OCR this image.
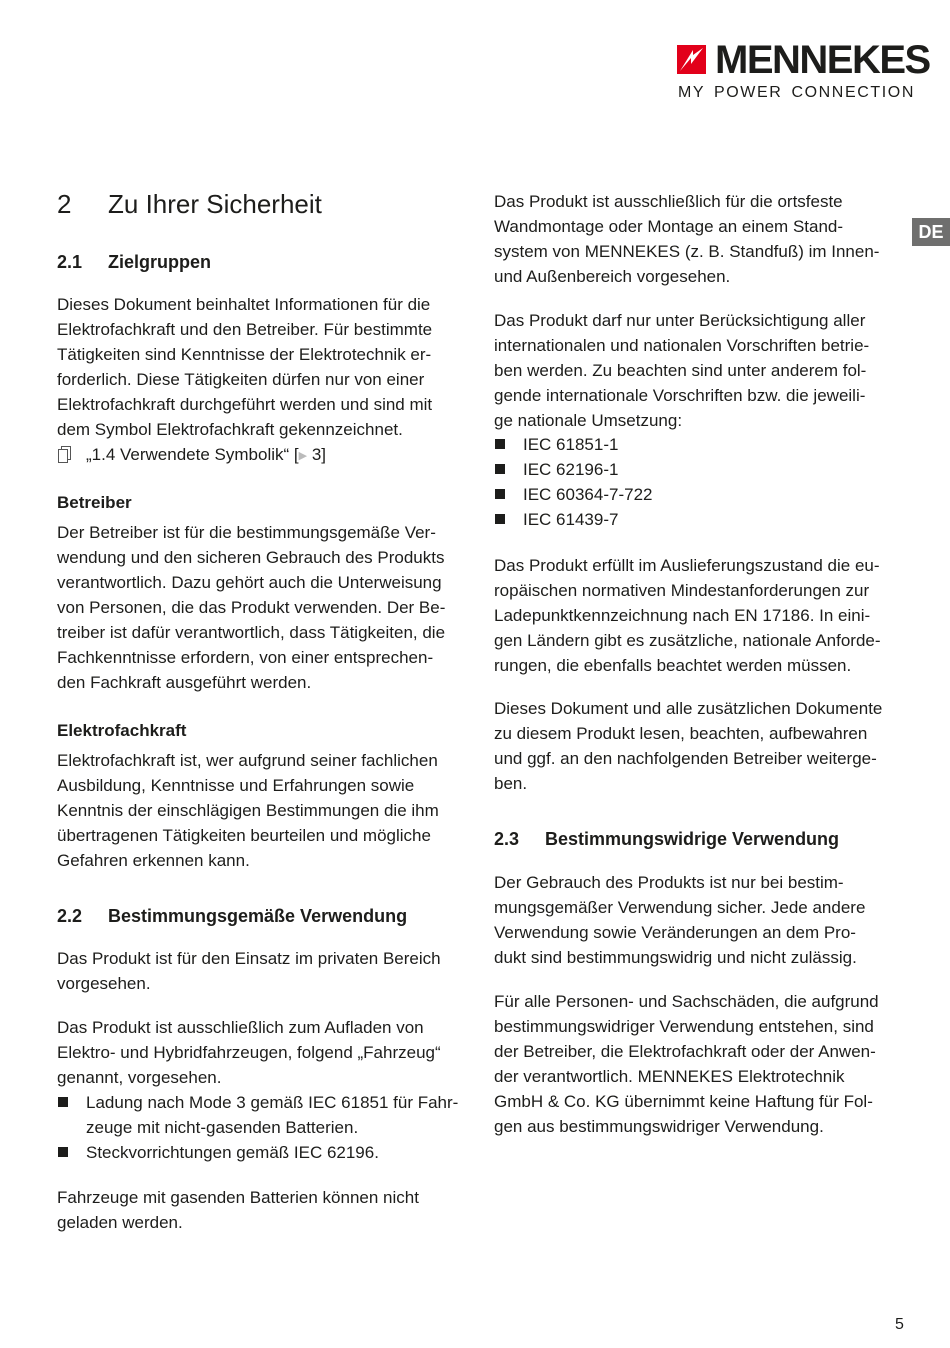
MENNEKES
MY POWER CONNECTION
DE
2 Zu Ihrer Sicherheit
2.1 Zielgruppen
Dieses Dokument beinhaltet Informationen für die
Elektrofachkraft und den Betreiber. Für bestimmte
Tätigkeiten sind Kenntnisse der Elektrotechnik er-
forderlich. Diese Tätigkeiten dürfen nur von einer
Elektrofachkraft durchgeführt werden und sind mit
dem Symbol Elektrofachkraft gekennzeichnet.
„1.4 Verwendete Symbolik“ [▶ 3]
Betreiber
Der Betreiber ist für die bestimmungsgemäße Ver-
wendung und den sicheren Gebrauch des Produkts
verantwortlich. Dazu gehört auch die Unterweisung
von Personen, die das Produkt verwenden. Der Be-
treiber ist dafür verantwortlich, dass Tätigkeiten, die
Fachkenntnisse erfordern, von einer entsprechen-
den Fachkraft ausgeführt werden.
Elektrofachkraft
Elektrofachkraft ist, wer aufgrund seiner fachlichen
Ausbildung, Kenntnisse und Erfahrungen sowie
Kenntnis der einschlägigen Bestimmungen die ihm
übertragenen Tätigkeiten beurteilen und mögliche
Gefahren erkennen kann.
2.2 Bestimmungsgemäße Verwendung
Das Produkt ist für den Einsatz im privaten Bereich
vorgesehen.
Das Produkt ist ausschließlich zum Aufladen von
Elektro- und Hybridfahrzeugen, folgend „Fahrzeug“
genannt, vorgesehen.
Ladung nach Mode 3 gemäß IEC 61851 für Fahr-
zeuge mit nicht-gasenden Batterien.
Steckvorrichtungen gemäß IEC 62196.
Fahrzeuge mit gasenden Batterien können nicht
geladen werden.
Das Produkt ist ausschließlich für die ortsfeste
Wandmontage oder Montage an einem Stand-
system von MENNEKES (z. B. Standfuß) im Innen-
und Außenbereich vorgesehen.
Das Produkt darf nur unter Berücksichtigung aller
internationalen und nationalen Vorschriften betrie-
ben werden. Zu beachten sind unter anderem fol-
gende internationale Vorschriften bzw. die jeweili-
ge nationale Umsetzung:
IEC 61851-1
IEC 62196-1
IEC 60364-7-722
IEC 61439-7
Das Produkt erfüllt im Auslieferungszustand die eu-
ropäischen normativen Mindestanforderungen zur
Ladepunktkennzeichnung nach EN 17186. In eini-
gen Ländern gibt es zusätzliche, nationale Anforde-
rungen, die ebenfalls beachtet werden müssen.
Dieses Dokument und alle zusätzlichen Dokumente
zu diesem Produkt lesen, beachten, aufbewahren
und ggf. an den nachfolgenden Betreiber weiterge-
ben.
2.3 Bestimmungswidrige Verwendung
Der Gebrauch des Produkts ist nur bei bestim-
mungsgemäßer Verwendung sicher. Jede andere
Verwendung sowie Veränderungen an dem Pro-
dukt sind bestimmungswidrig und nicht zulässig.
Für alle Personen- und Sachschäden, die aufgrund
bestimmungswidriger Verwendung entstehen, sind
der Betreiber, die Elektrofachkraft oder der Anwen-
der verantwortlich. MENNEKES Elektrotechnik
GmbH & Co. KG übernimmt keine Haftung für Fol-
gen aus bestimmungswidriger Verwendung.
5
